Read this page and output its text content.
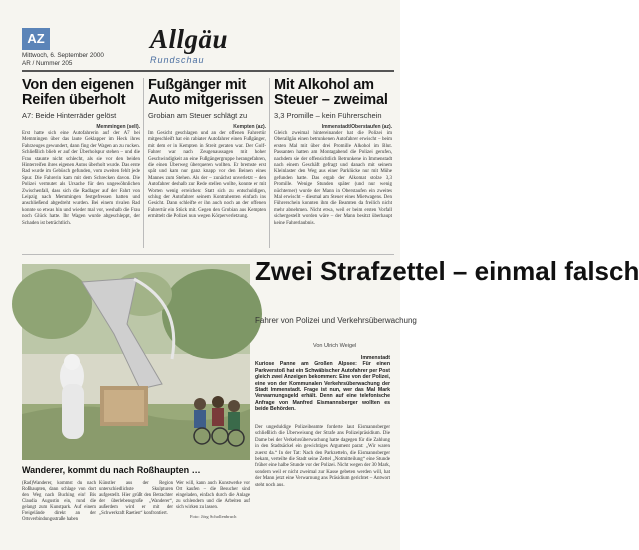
AZ	Allgäu
Rundschau
Mittwoch, 6. September 2000
AR / Nummer 205
Von den eigenen Reifen überholt
A7: Beide Hinterräder gelöst
Memmingen (sell).
Erst hatte sich eine Autofahrerin auf der A7 bei Memmingen über das laute Geklapper im Heck ihres Fahrzeuges gewundert, dann fing der Wagen an zu rucken. Schließlich blieb er auf der Überholspur stehen – und die Frau staunte nicht schlecht, als sie vor den beiden Hinterreifen ihres eigenen Autos überholt wurde. Das erste Rad wurde im Gebüsch gefunden, vom zweiten fehlt jede Spur. Die Fahrerin kam mit dem Schrecken davon. Die Polizei vermutet als Ursache für den ungewöhnlichen Zwischenfall, dass sich die Radlager auf der Fahrt von Leipzig nach Memmingen festgefressen hatten und anschließend abgedreht wurden. Bei einem rivalen Rad konnte so etwas hin und wieder mal vor, weshalb die Frau noch Glück hatte. Ihr Wagen wurde abgeschleppt, der Schaden ist beträchtlich.
Fußgänger mit Auto mitgerissen
Grobian am Steuer schlägt zu
Kempten (az).
Im Gesicht geschlagen und an der offenen Fahrertür mitgeschleift hat ein rabiater Autofahrer einen Fußgänger, mit dem er in Kempten in Streit geraten war. Der Golf-Fahrer war nach Zeugenaussagen mit hoher Geschwindigkeit an eine Fußgängergruppe herangefahren, die einen Überweg überqueren wollten. Er bremste erst spät und kam nur ganz knapp vor den Beinen eines Mannes zum Stehen. Als der – zunächst unverletzt – den Autofahrer deshalb zur Rede stellen wollte, konnte er mit Worten wenig erreichen: Statt sich zu entschuldigen, schlug der Autofahrer seinem Kontrahenten einfach ins Gesicht. Dann schleifte er ihn auch noch an der offenen Fahrertür ein Stück mit. Gegen den Grobian aus Kempten ermittelt die Polizei nun wegen Körperverletzung.
Mit Alkohol am Steuer – zweimal
3,3 Promille – kein Führerschein
Immenstadt/Oberstaufen (az).
Gleich zweimal hintereinander hat die Polizei im Oberallgäu einen betrunkenen Autofahrer erwischt – beim ersten Mal mit über drei Promille Alkohol im Blut. Passanten hatten am Montagabend die Polizei gerufen, nachdem sie der offensichtlich Betrunkene in Immenstadt nach einem Geschäft gefragt und danach mit seinem Kleinlaster den Weg aus einer Parklücke nur mit Mühe gefunden hatte. Das ergab der Alkomat stolze 3,3 Promille. Wenige Stunden später (und nur wenig nüchterner) wurde der Mann in Oberstaufen ein zweites Mal erwischt – diesmal am Steuer eines Mietwagens. Den Führerschein konnten ihm die Beamten da freilich nicht mehr abnehmen. Nicht etwa, weil er beim ersten Vorfall sichergestellt worden wäre – der Mann besitzt überhaupt keine Fahrerlaubnis.
Wanderer, kommt du nach Roßhaupten …
(Rad)Wanderer, kommst du nach Roßhaupten, dann schlage von dort den Weg nach Buching ein! Bis Claudia Augustin ein, rund die gelangt zum Kunstpark. Auf einem Freigelände direkt an der Ortsverbindungsstraße haben
Künstler aus der Region unterschiedlichste Skulpturen aufgestellt. Hier grüßt den Betrachter der überlebensgroße „Wanderer“, außerdem wird er mit der „Schwerkraft Raetien“ konfrontiert.
Wer will, kann auch Kunstwerke vor Ort kaufen – die Besucher sind eingeladen, einfach durch die Anlage zu schlendern und die Arbeiten auf sich wirken zu lassen.
Foto: Jörg Schollenbruch
Zwei Strafzettel – einmal falsch
Fahrer von Polizei und Verkehrsüberwachung
Von Ulrich Weigel
Immenstadt
Kuriose Panne am Großen Alpsee: Für einen Parkverstoß hat ein Schwäbischer Autofahrer per Post gleich zwei Anzeigen bekommen: Eine von der Polizei, eine von der Kommunalen Verkehrsüberwachung der Stadt Immenstadt. Frage ist nun, wer das Mal Mark Verwarnungsgeld erhält. Denn auf eine telefonische Anfrage von Manfred Eismannsberger wollten es beide Behörden.
Der ungeduldige Polizeibeamte forderte laut Eismannsberger schließlich die Überweisung der Strafe ans Polizeipräsidium. Die Dame bei der Verkehrsüberwachung hatte dagegen für die Zahlung in den Stadtsäckel ein gewichtiges Argument parat: „Wir waren zuerst da.“ In der Tat: Nach den Parkzetteln, die Eismannsberger bekam, verteilte die Stadt seine Zettel „Notmitteilung“ eine Stunde früher eine halbe Stunde vor der Polizei. Nicht wegen der 30 Mark, sondern weil er nicht zweimal zur Kasse gebeten werden will, hat der Mann jetzt eine Verwarnung ans Präsidium gerichtet – Antwort steht noch aus.
